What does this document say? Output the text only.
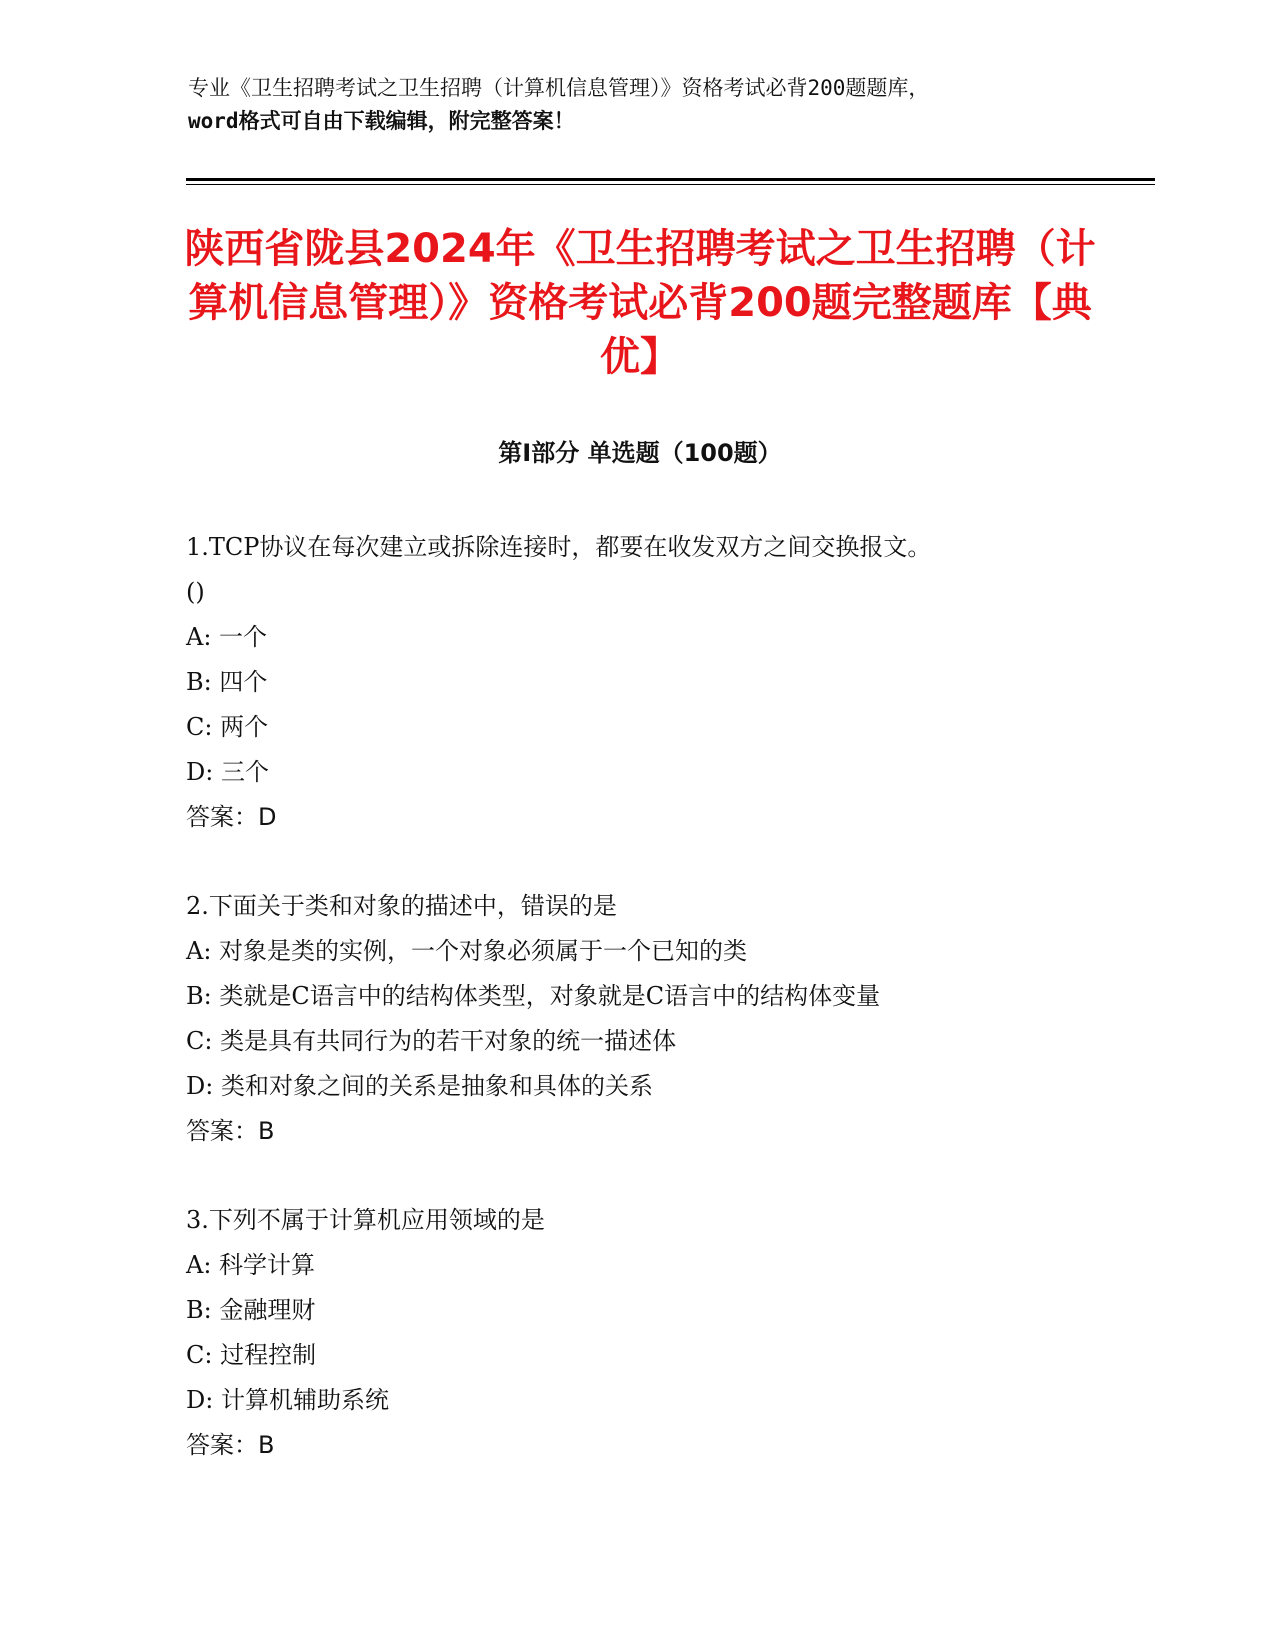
专业《卫生招聘考试之卫生招聘（计算机信息管理）》资格考试必背200题题库，
word格式可自由下载编辑，附完整答案！
陕西省陇县2024年《卫生招聘考试之卫生招聘（计算机信息管理）》资格考试必背200题完整题库【典优】
第I部分 单选题（100题）
1.TCP协议在每次建立或拆除连接时，都要在收发双方之间交换报文。
()
A: 一个
B: 四个
C: 两个
D: 三个
答案：D
2.下面关于类和对象的描述中，错误的是
A: 对象是类的实例，一个对象必须属于一个已知的类
B: 类就是C语言中的结构体类型，对象就是C语言中的结构体变量
C: 类是具有共同行为的若干对象的统一描述体
D: 类和对象之间的关系是抽象和具体的关系
答案：B
3.下列不属于计算机应用领域的是
A: 科学计算
B: 金融理财
C: 过程控制
D: 计算机辅助系统
答案：B
